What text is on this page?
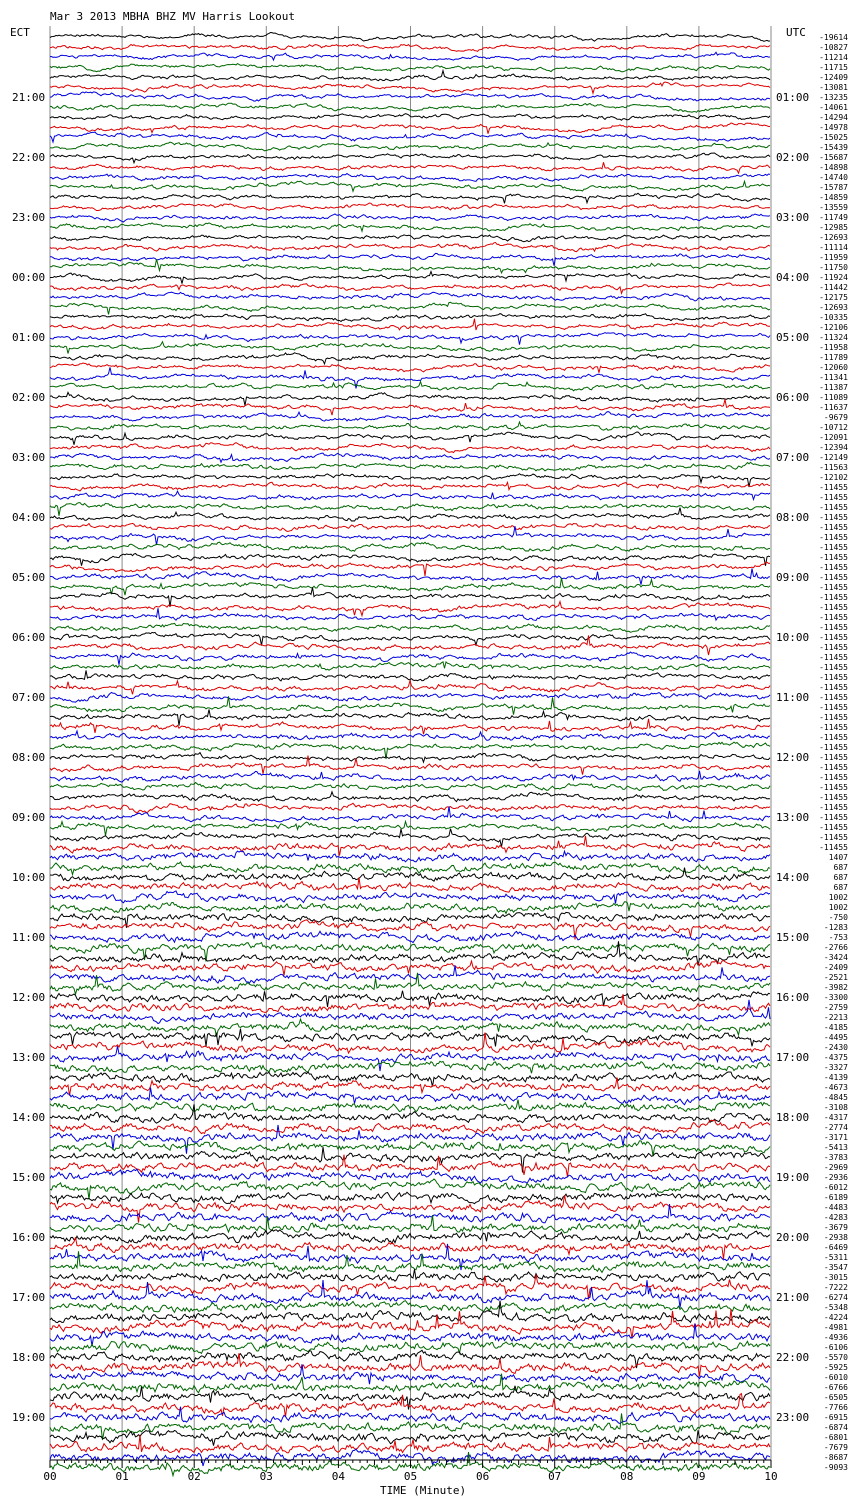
Mar 3 2013 MBHA BHZ MV Harris Lookout
ECT	UTC
21:00
22:00
23:00
00:00
01:00
02:00
03:00
04:00
05:00
06:00
07:00
08:00
09:00
10:00
11:00
12:00
13:00
14:00
15:00
16:00
17:00
18:00
19:00
01:00
02:00
03:00
04:00
05:00
06:00
07:00
08:00
09:00
10:00
11:00
12:00
13:00
14:00
15:00
16:00
17:00
18:00
19:00
20:00
21:00
22:00
23:00
-19614
-10827
-11214
-11715
-12409
-13081
-13235
-14061
-14294
-14978
-15025
-15439
-15687
-14898
-14740
-15787
-14859
-13559
-11749
-12985
-12693
-11114
-11959
-11750
-11924
-11442
-12175
-12693
-10335
-12106
-11324
-11958
-11789
-12060
-11341
-11387
-11089
-11637
-9679
-10712
-12091
-12394
-12149
-11563
-12102
-11455
-11455
-11455
-11455
-11455
-11455
-11455
-11455
-11455
-11455
-11455
-11455
-11455
-11455
-11455
-11455
-11455
-11455
-11455
-11455
-11455
-11455
-11455
-11455
-11455
-11455
-11455
-11455
-11455
-11455
-11455
-11455
-11455
-11455
-11455
-11455
-11455
1407
687
687
687
1002
1002
-750
-1283
-753
-2766
-3424
-2409
-2521
-3982
-3300
-2759
-2213
-4185
-4495
-2430
-4375
-3327
-4139
-4673
-4845
-3108
-4317
-2774
-3171
-5413
-3783
-2969
-2936
-6012
-6189
-4483
-4283
-3679
-2938
-6469
-5311
-3547
-3015
-7222
-6274
-5348
-4224
-4981
-4936
-6106
-5570
-5925
-6010
-6766
-6505
-7766
-6915
-6874
-6801
-7679
-8687
-9093
00	01	02	03	04	05	06	07	08	09	10
TIME (Minute)
